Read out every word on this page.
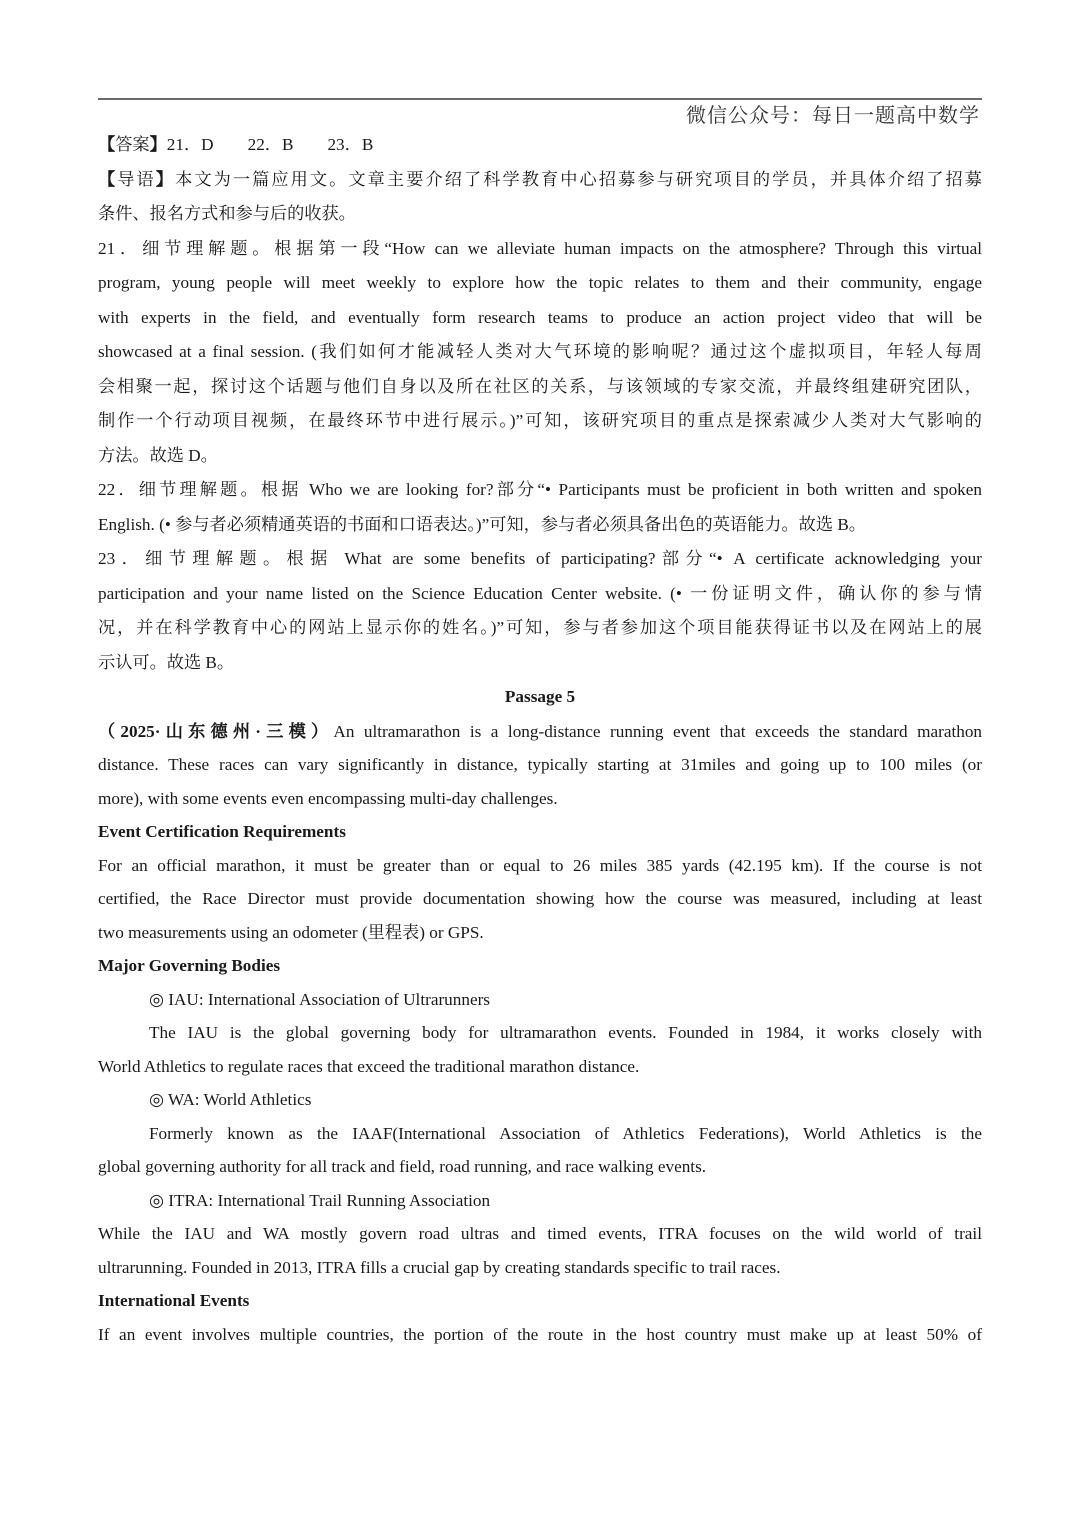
微信公众号：每日一题高中数学
【答案】21．D 22．B 23．B
【导语】本文为一篇应用文。文章主要介绍了科学教育中心招募参与研究项目的学员，并具体介绍了招募
条件、报名方式和参与后的收获。
21．细节理解题。根据第一段“How can we alleviate human impacts on the atmosphere? Through this virtual
program, young people will meet weekly to explore how the topic relates to them and their community, engage
with experts in the field, and eventually form research teams to produce an action project video that will be
showcased at a final session. (我们如何才能减轻人类对大气环境的影响呢？通过这个虚拟项目，年轻人每周
会相聚一起，探讨这个话题与他们自身以及所在社区的关系，与该领域的专家交流，并最终组建研究团队，
制作一个行动项目视频，在最终环节中进行展示。)”可知，该研究项目的重点是探索减少人类对大气影响的
方法。故选 D。
22．细节理解题。根据 Who we are looking for?部分“• Participants must be proficient in both written and spoken
English. (• 参与者必须精通英语的书面和口语表达。)”可知，参与者必须具备出色的英语能力。故选 B。
23．细节理解题。根据 What are some benefits of participating?部分“• A certificate acknowledging your
participation and your name listed on the Science Education Center website. (• 一份证明文件，确认你的参与情
况，并在科学教育中心的网站上显示你的姓名。)”可知，参与者参加这个项目能获得证书以及在网站上的展
示认可。故选 B。
Passage 5
（2025·山东德州·三模）An ultramarathon is a long-distance running event that exceeds the standard marathon
distance. These races can vary significantly in distance, typically starting at 31miles and going up to 100 miles (or
more), with some events even encompassing multi-day challenges.
Event Certification Requirements
For an official marathon, it must be greater than or equal to 26 miles 385 yards (42.195 km). If the course is not
certified, the Race Director must provide documentation showing how the course was measured, including at least
two measurements using an odometer (里程表) or GPS.
Major Governing Bodies
◎ IAU: International Association of Ultrarunners
The IAU is the global governing body for ultramarathon events. Founded in 1984, it works closely with
World Athletics to regulate races that exceed the traditional marathon distance.
◎ WA: World Athletics
Formerly known as the IAAF(International Association of Athletics Federations), World Athletics is the
global governing authority for all track and field, road running, and race walking events.
◎ ITRA: International Trail Running Association
While the IAU and WA mostly govern road ultras and timed events, ITRA focuses on the wild world of trail
ultrarunning. Founded in 2013, ITRA fills a crucial gap by creating standards specific to trail races.
International Events
If an event involves multiple countries, the portion of the route in the host country must make up at least 50% of
